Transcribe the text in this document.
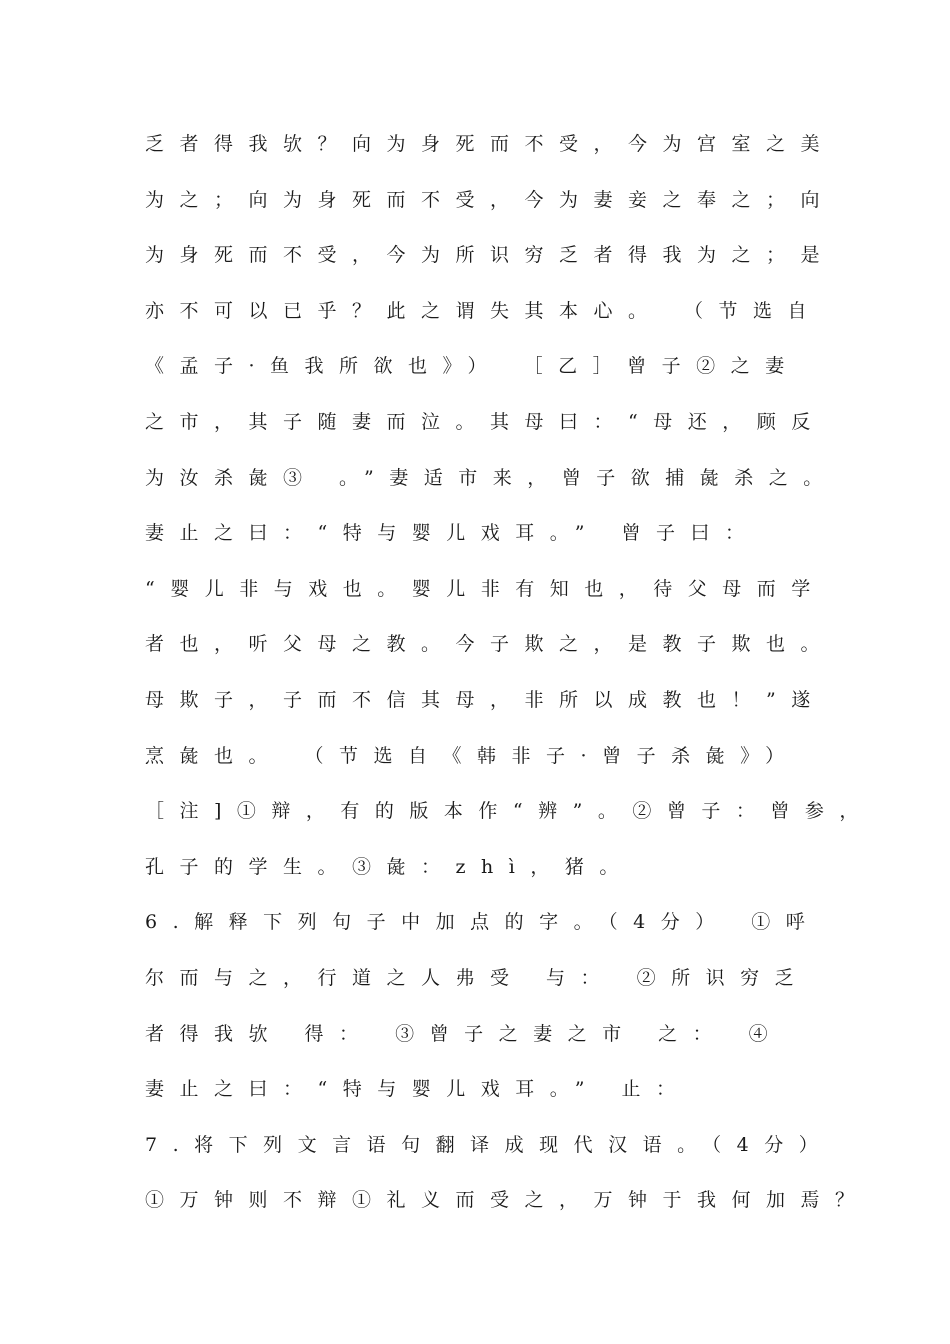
乏者得我欤？向为身死而不受，今为宫室之美
为之；向为身死而不受，今为妻妾之奉之；向
为身死而不受，今为所识穷乏者得我为之；是
亦不可以已乎？此之谓失其本心。 （节选自
《孟子·鱼我所欲也》） ［乙］曾子②之妻
之市，其子随妻而泣。其母曰：“母还，顾反
为汝杀彘③ 。”妻适市来，曾子欲捕彘杀之。
妻止之曰：“特与婴儿戏耳。” 曾子曰：
“婴儿非与戏也。婴儿非有知也，待父母而学
者也，听父母之教。今子欺之，是教子欺也。
母欺子，子而不信其母，非所以成教也！”遂
烹彘也。 （节选自《韩非子·曾子杀彘》）
［注]①辩，有的版本作“辨”。②曾子：曾参，
孔子的学生。③彘：zhì，猪。
6.解释下列句子中加点的字。（4分） ①呼
尔而与之，行道之人弗受 与： ②所识穷乏
者得我欤 得： ③曾子之妻之市 之： ④
妻止之曰：“特与婴儿戏耳。” 止：
7.将下列文言语句翻译成现代汉语。（4分）
①万钟则不辩①礼义而受之，万钟于我何加焉？
